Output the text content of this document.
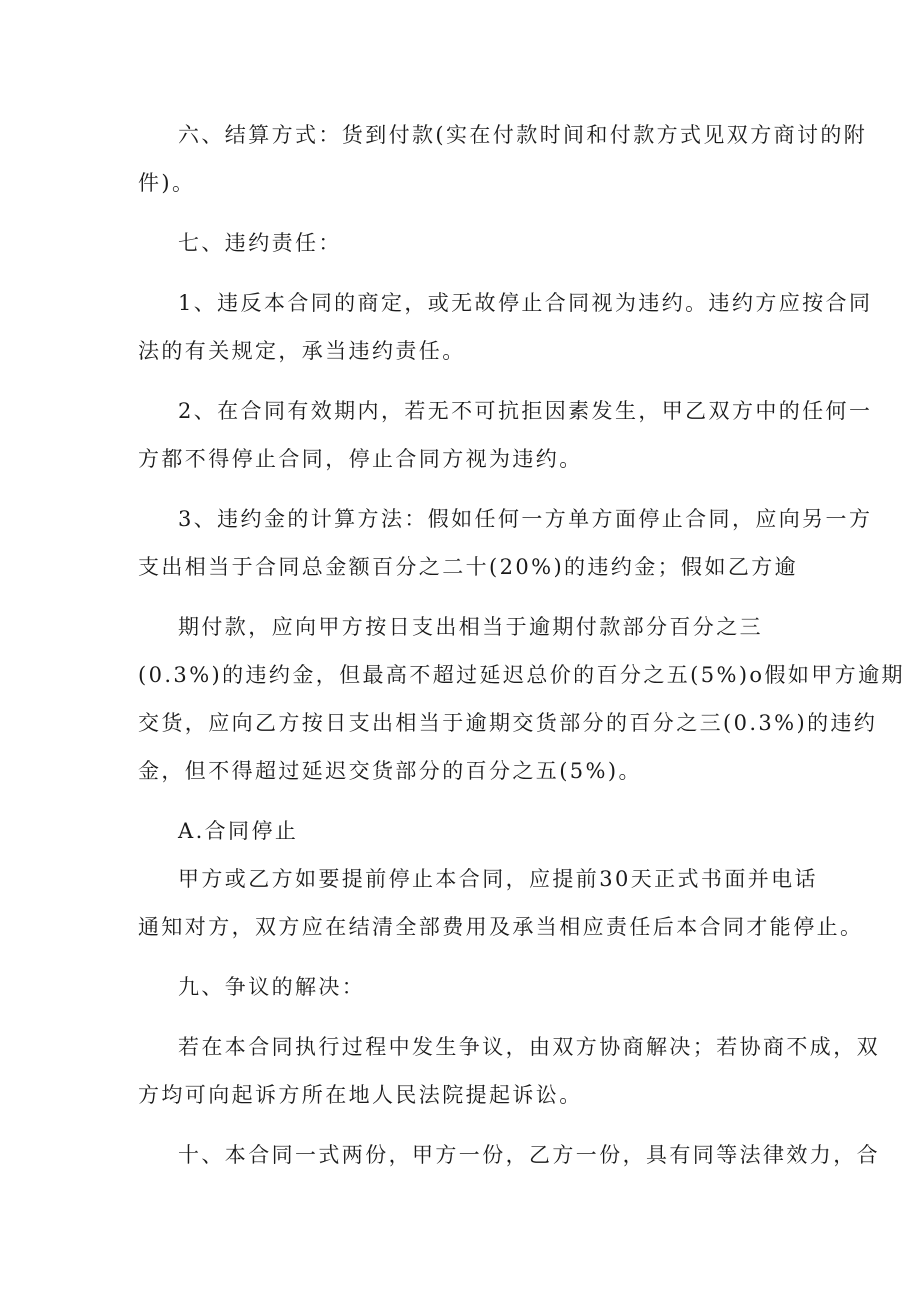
六、结算方式：货到付款(实在付款时间和付款方式见双方商讨的附
件)。
七、违约责任：
1、违反本合同的商定，或无故停止合同视为违约。违约方应按合同
法的有关规定，承当违约责任。
2、在合同有效期内，若无不可抗拒因素发生，甲乙双方中的任何一
方都不得停止合同，停止合同方视为违约。
3、违约金的计算方法：假如任何一方单方面停止合同，应向另一方
支出相当于合同总金额百分之二十(20%)的违约金；假如乙方逾
期付款，应向甲方按日支出相当于逾期付款部分百分之三
(0.3%)的违约金，但最高不超过延迟总价的百分之五(5%)o假如甲方逾期
交货，应向乙方按日支出相当于逾期交货部分的百分之三(0.3%)的违约
金，但不得超过延迟交货部分的百分之五(5%)。
A.合同停止
甲方或乙方如要提前停止本合同，应提前30天正式书面并电话
通知对方，双方应在结清全部费用及承当相应责任后本合同才能停止。
九、争议的解决：
若在本合同执行过程中发生争议，由双方协商解决；若协商不成，双
方均可向起诉方所在地人民法院提起诉讼。
十、本合同一式两份，甲方一份，乙方一份，具有同等法律效力，合
